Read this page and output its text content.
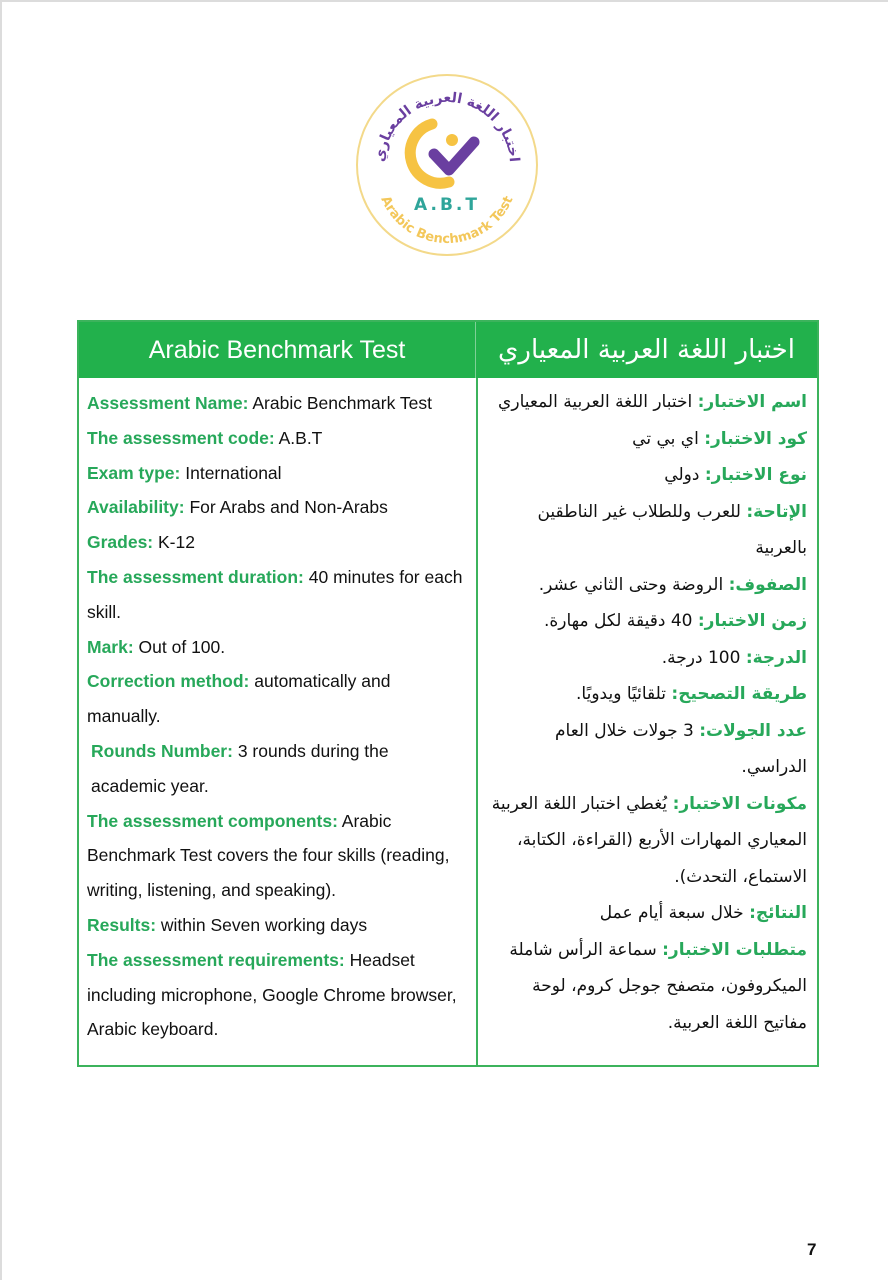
اختبار اللغة العربية المعياري
A.B.T
Arabic Benchmark Test
Arabic Benchmark Test	اختبار اللغة العربية المعياري
Assessment Name: Arabic Benchmark Test
The assessment code: A.B.T
Exam type: International
Availability: For Arabs and Non-Arabs
Grades: K-12
The assessment duration: 40 minutes for each skill.
Mark: Out of 100.
Correction method: automatically and manually.
Rounds Number: 3 rounds during the academic year.
The assessment components: Arabic Benchmark Test covers the four skills (reading, writing, listening, and speaking).
Results: within Seven working days
The assessment requirements: Headset including microphone, Google Chrome browser, Arabic keyboard.
اسم الاختبار: اختبار اللغة العربية المعياري
كود الاختبار: اي بي تي
نوع الاختبار: دولي
الإتاحة: للعرب وللطلاب غير الناطقين بالعربية
الصفوف: الروضة وحتى الثاني عشر.
زمن الاختبار: 40 دقيقة لكل مهارة.
الدرجة: 100 درجة.
طريقة التصحيح: تلقائيًا ويدويًا.
عدد الجولات: 3 جولات خلال العام الدراسي.
مكونات الاختبار: يُغطي اختبار اللغة العربية المعياري المهارات الأربع (القراءة، الكتابة، الاستماع، التحدث).
النتائج: خلال سبعة أيام عمل
متطلبات الاختبار: سماعة الرأس شاملة الميكروفون، متصفح جوجل كروم، لوحة مفاتيح اللغة العربية.
7
